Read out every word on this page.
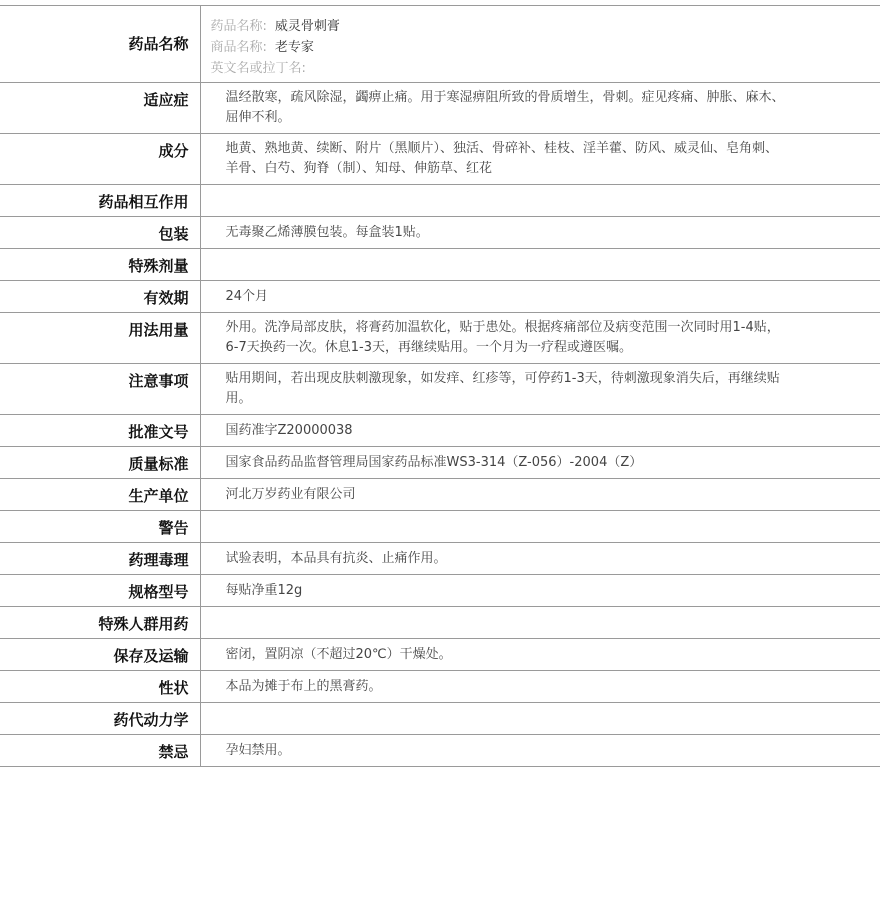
药品名称	药品名称: 威灵骨刺膏
商品名称: 老专家
英文名或拉丁名:

适应症	温经散寒，疏风除湿，蠲痹止痛。用于寒湿痹阻所致的骨质增生，骨刺。症见疼痛、肿胀、麻木、屈伸不利。
成分	地黄、熟地黄、续断、附片（黑顺片）、独活、骨碎补、桂枝、淫羊藿、防风、威灵仙、皂角刺、羊骨、白芍、狗脊（制）、知母、伸筋草、红花
药品相互作用	
包装	无毒聚乙烯薄膜包装。每盒装1贴。
特殊剂量	
有效期	24个月
用法用量	外用。洗净局部皮肤，将膏药加温软化，贴于患处。根据疼痛部位及病变范围一次同时用1-4贴，6-7天换药一次。休息1-3天，再继续贴用。一个月为一疗程或遵医嘱。
注意事项	贴用期间，若出现皮肤刺激现象，如发痒、红疹等，可停药1-3天，待刺激现象消失后，再继续贴用。
批准文号	国药准字Z20000038
质量标准	国家食品药品监督管理局国家药品标准WS3-314（Z-056）-2004（Z）
生产单位	河北万岁药业有限公司
警告	
药理毒理	试验表明，本品具有抗炎、止痛作用。
规格型号	每贴净重12g
特殊人群用药	
保存及运输	密闭，置阴凉（不超过20℃）干燥处。
性状	本品为摊于布上的黑膏药。
药代动力学	
禁忌	孕妇禁用。
